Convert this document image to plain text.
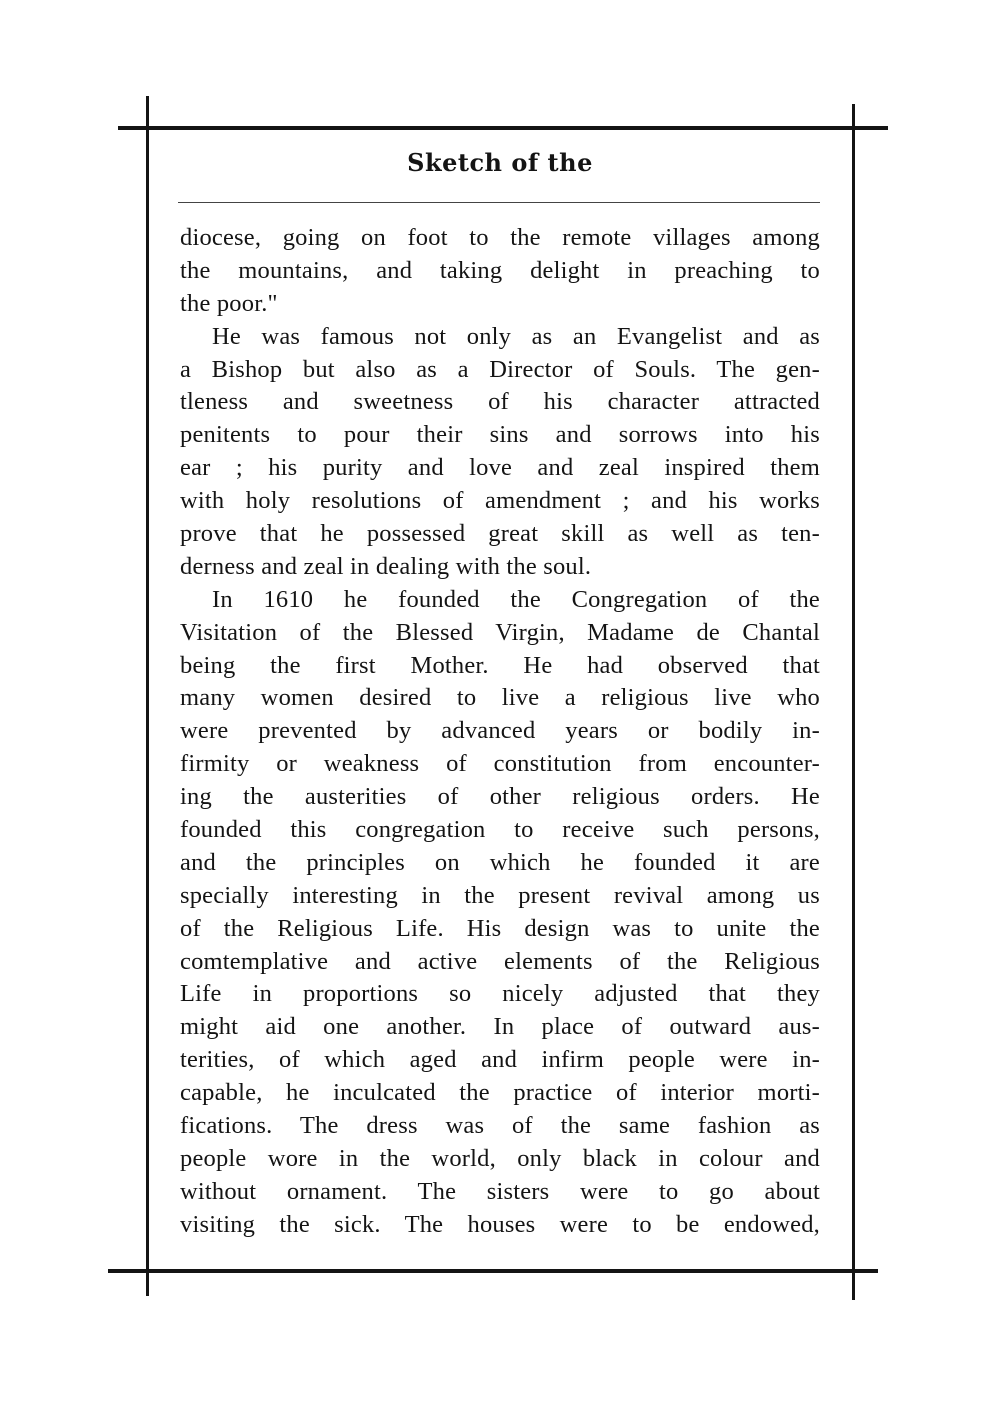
Sketch of the
diocese, going on foot to the remote villages among
the mountains, and taking delight in preaching to
the poor."
He was famous not only as an Evangelist and as
a Bishop but also as a Director of Souls. The gen-
tleness and sweetness of his character attracted
penitents to pour their sins and sorrows into his
ear ; his purity and love and zeal inspired them
with holy resolutions of amendment ; and his works
prove that he possessed great skill as well as ten-
derness and zeal in dealing with the soul.
In 1610 he founded the Congregation of the
Visitation of the Blessed Virgin, Madame de Chantal
being the first Mother. He had observed that
many women desired to live a religious live who
were prevented by advanced years or bodily in-
firmity or weakness of constitution from encounter-
ing the austerities of other religious orders. He
founded this congregation to receive such persons,
and the principles on which he founded it are
specially interesting in the present revival among us
of the Religious Life. His design was to unite the
comtemplative and active elements of the Religious
Life in proportions so nicely adjusted that they
might aid one another. In place of outward aus-
terities, of which aged and infirm people were in-
capable, he inculcated the practice of interior morti-
fications. The dress was of the same fashion as
people wore in the world, only black in colour and
without ornament. The sisters were to go about
visiting the sick. The houses were to be endowed,
